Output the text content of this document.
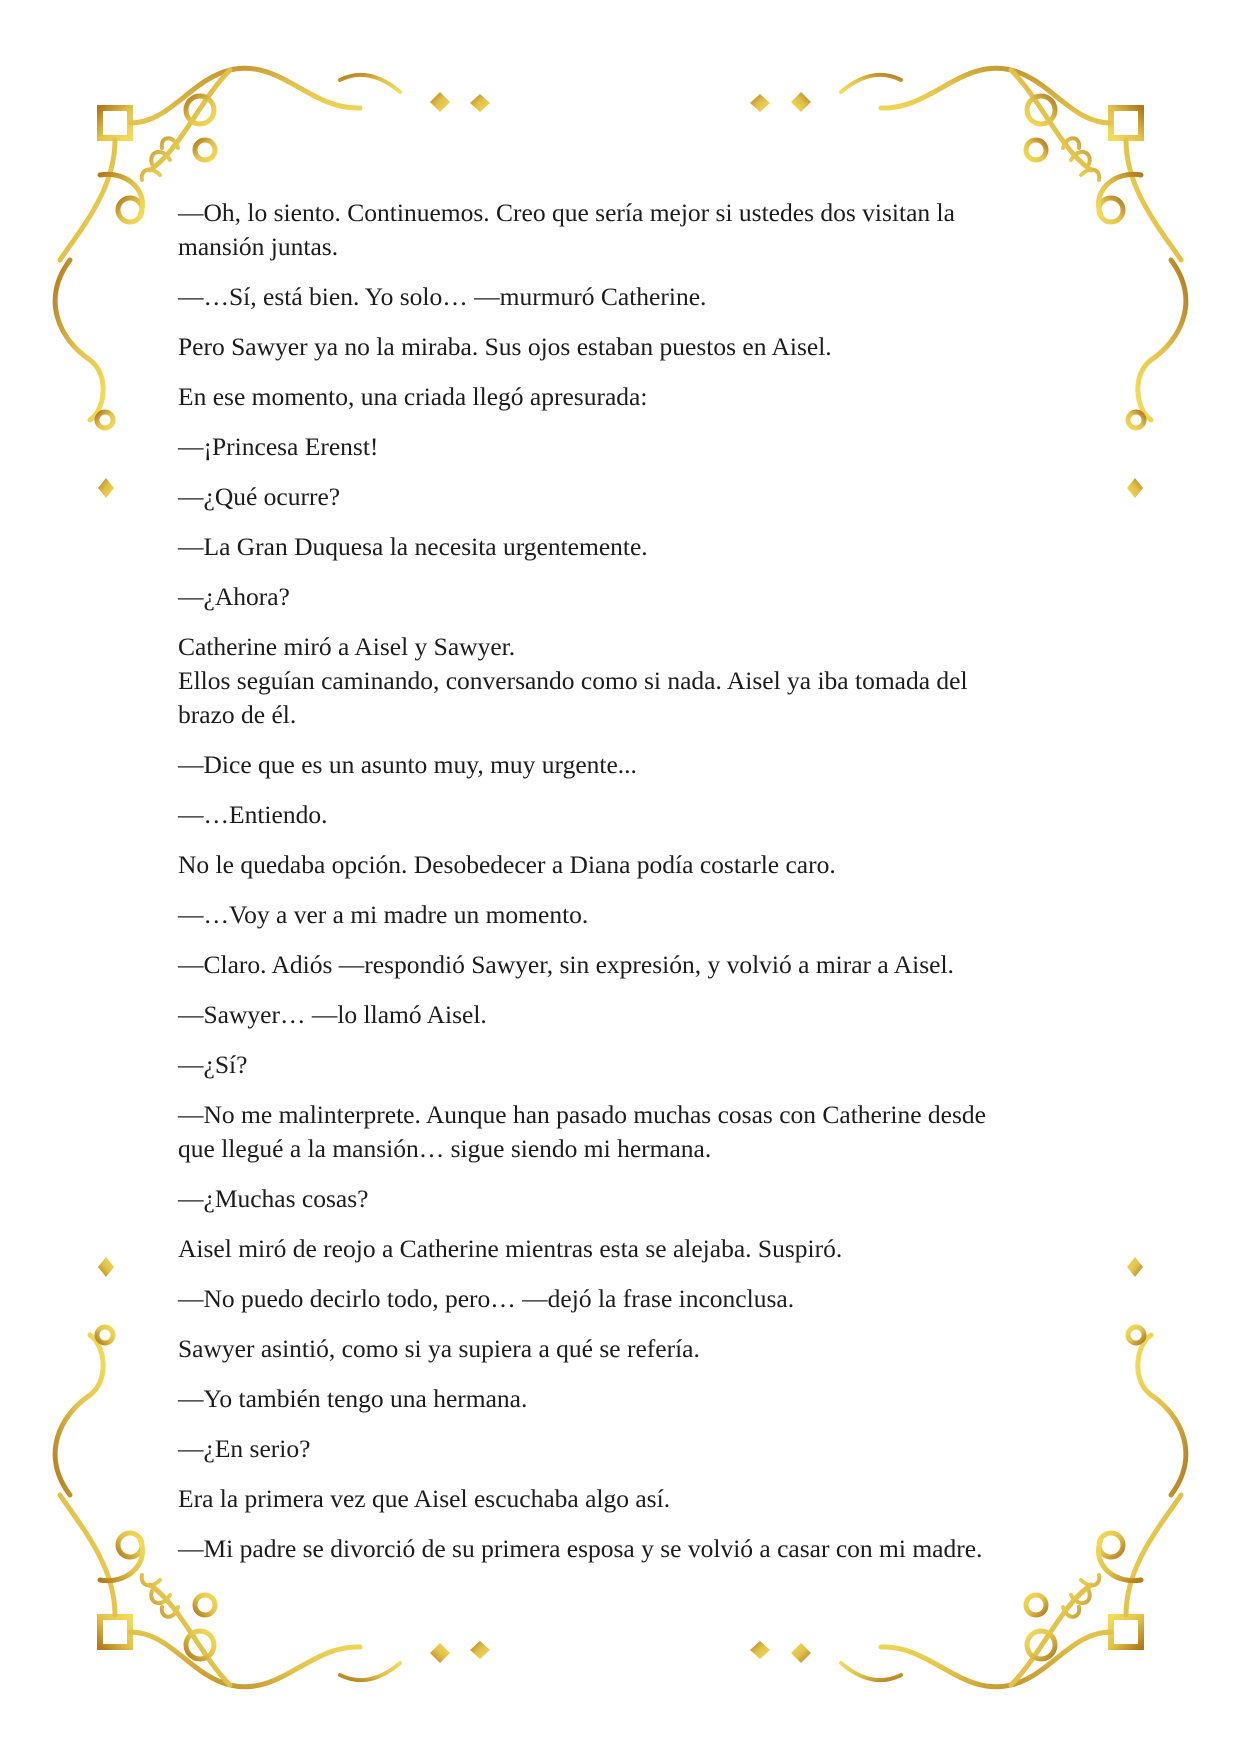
—Oh, lo siento. Continuemos. Creo que sería mejor si ustedes dos visitan la
mansión juntas.

—…Sí, está bien. Yo solo… —murmuró Catherine.

Pero Sawyer ya no la miraba. Sus ojos estaban puestos en Aisel.

En ese momento, una criada llegó apresurada:

—¡Princesa Erenst!

—¿Qué ocurre?

—La Gran Duquesa la necesita urgentemente.

—¿Ahora?

Catherine miró a Aisel y Sawyer.
Ellos seguían caminando, conversando como si nada. Aisel ya iba tomada del
brazo de él.

—Dice que es un asunto muy, muy urgente...

—…Entiendo.

No le quedaba opción. Desobedecer a Diana podía costarle caro.

—…Voy a ver a mi madre un momento.

—Claro. Adiós —respondió Sawyer, sin expresión, y volvió a mirar a Aisel.

—Sawyer… —lo llamó Aisel.

—¿Sí?

—No me malinterprete. Aunque han pasado muchas cosas con Catherine desde
que llegué a la mansión… sigue siendo mi hermana.

—¿Muchas cosas?

Aisel miró de reojo a Catherine mientras esta se alejaba. Suspiró.

—No puedo decirlo todo, pero… —dejó la frase inconclusa.

Sawyer asintió, como si ya supiera a qué se refería.

—Yo también tengo una hermana.

—¿En serio?

Era la primera vez que Aisel escuchaba algo así.

—Mi padre se divorció de su primera esposa y se volvió a casar con mi madre.
